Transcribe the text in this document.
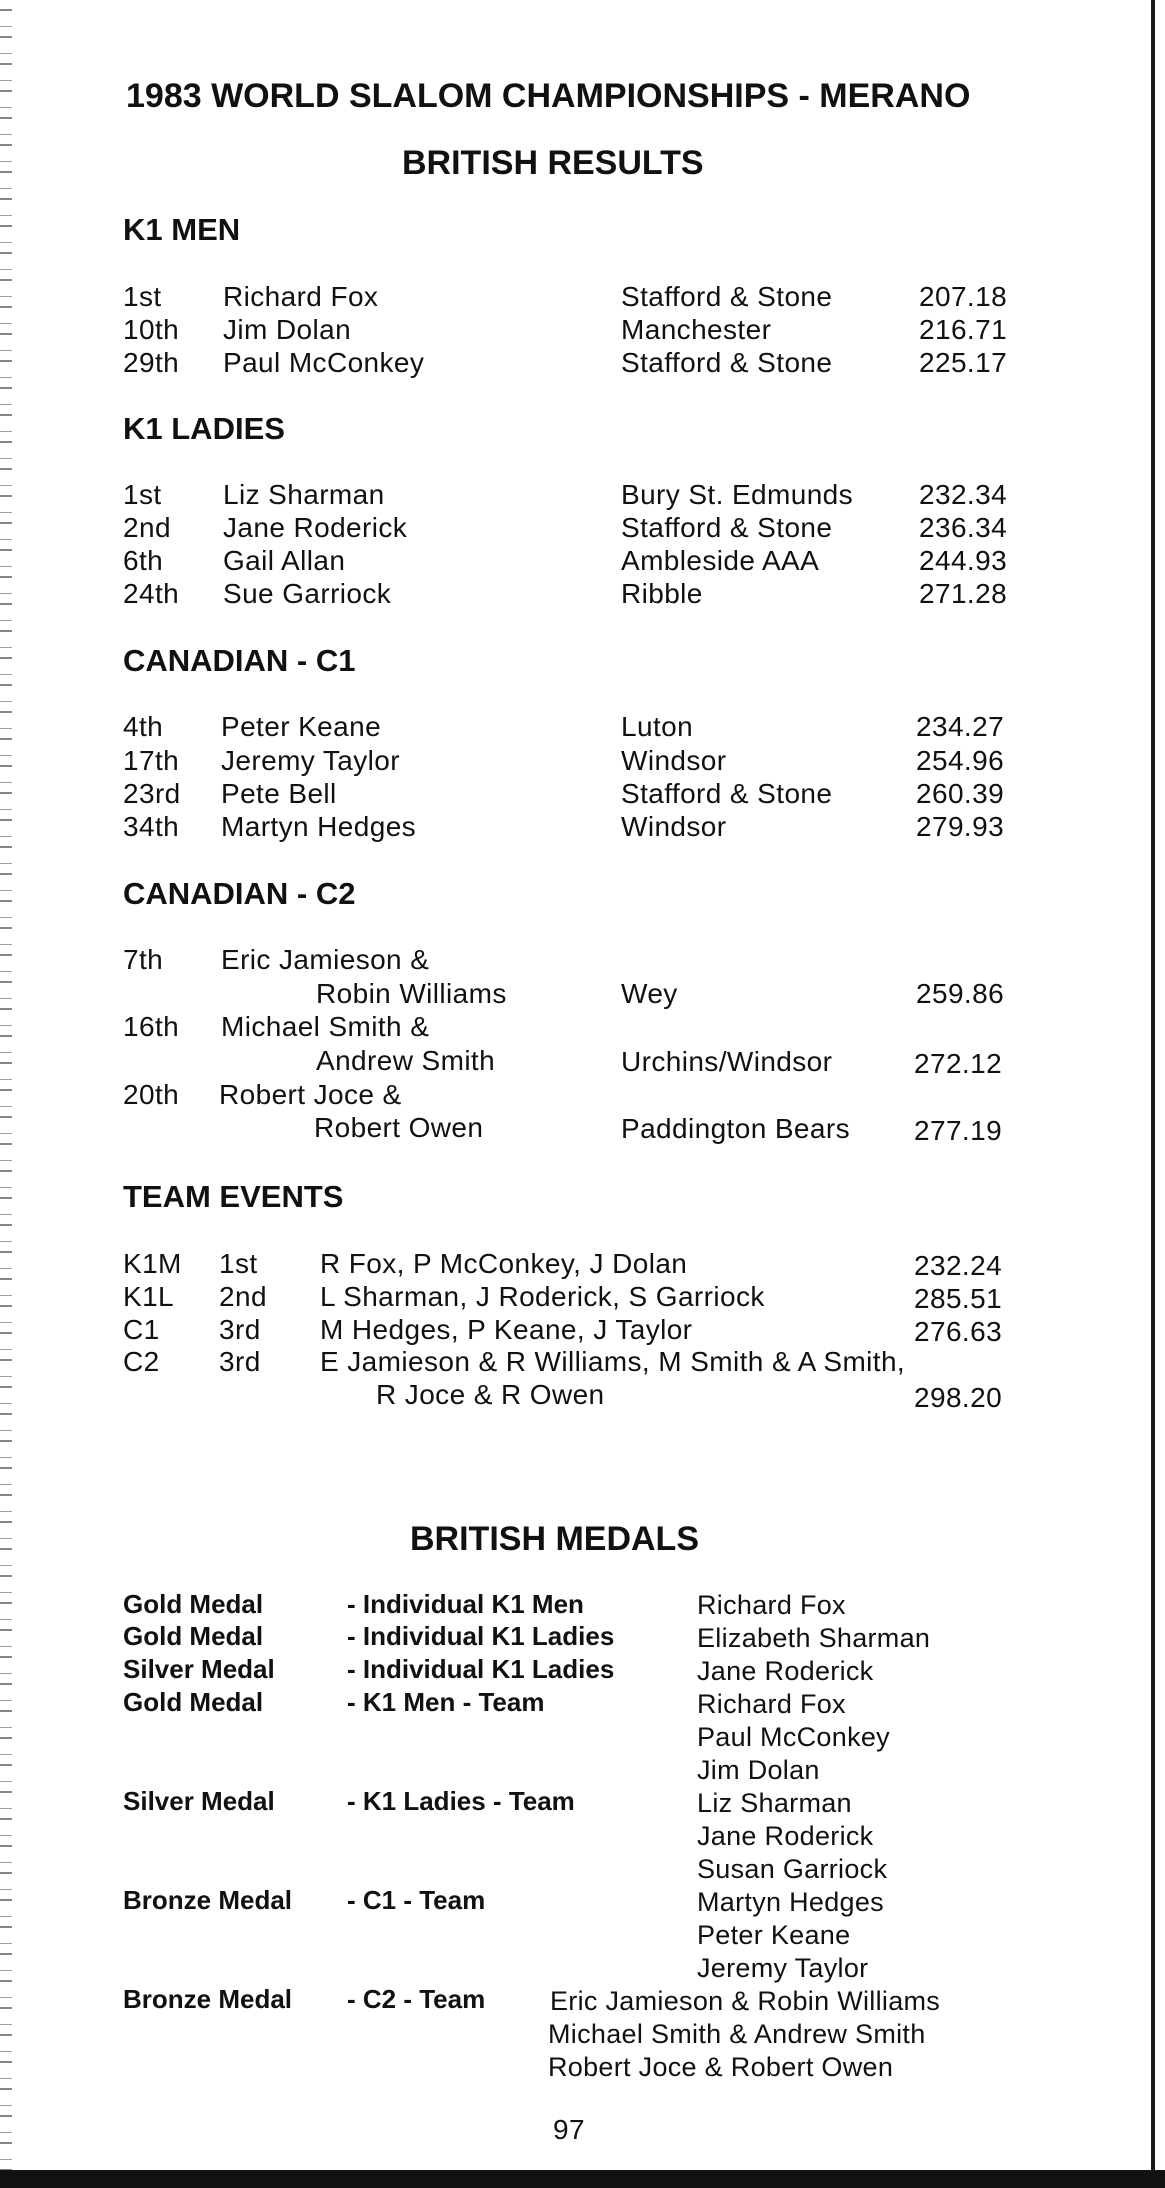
1983 WORLD SLALOM CHAMPIONSHIPS - MERANO
BRITISH RESULTS
K1 MEN
1st Richard Fox	Stafford & Stone	207.18
10th Jim Dolan	Manchester	216.71
29th Paul McConkey	Stafford & Stone	225.17
K1 LADIES
1st Liz Sharman	Bury St. Edmunds 232.34
2nd Jane Roderick	Stafford & Stone	236.34
6th Gail Allan	Ambleside AAA	244.93
24th Sue Garriock	Ribble	271.28
CANADIAN - C1
4th Peter Keane	Luton	234.27
17th Jeremy Taylor	Windsor	254.96
23rd Pete Bell	Stafford & Stone	260.39
34th Martyn Hedges	Windsor	279.93
CANADIAN - C2
7th Eric Jamieson &
Robin Williams	Wey	259.86
16th Michael Smith &
Andrew Smith	Urchins/Windsor	272.12
20th Robert Joce &
Robert Owen	Paddington Bears 277.19
TEAM EVENTS
K1M 1st R Fox, P McConkey, J Dolan	232.24
K1L 2nd L Sharman, J Roderick, S Garriock	285.51
C1 3rd M Hedges, P Keane, J Taylor	276.63
C2 3rd E Jamieson & R Williams, M Smith & A Smith,
R Joce & R Owen	298.20
BRITISH MEDALS
Gold Medal	- Individual K1 Men	Richard Fox
Gold Medal	- Individual K1 Ladies	Elizabeth Sharman
Silver Medal	- Individual K1 Ladies	Jane Roderick
Gold Medal	- K1 Men - Team	Richard Fox
Paul McConkey
Jim Dolan
Silver Medal	- K1 Ladies - Team	Liz Sharman
Jane Roderick
Susan Garriock
Bronze Medal - C1 - Team	Martyn Hedges
Peter Keane
Jeremy Taylor
Bronze Medal - C2 - Team Eric Jamieson & Robin Williams
Michael Smith & Andrew Smith
Robert Joce & Robert Owen
97
